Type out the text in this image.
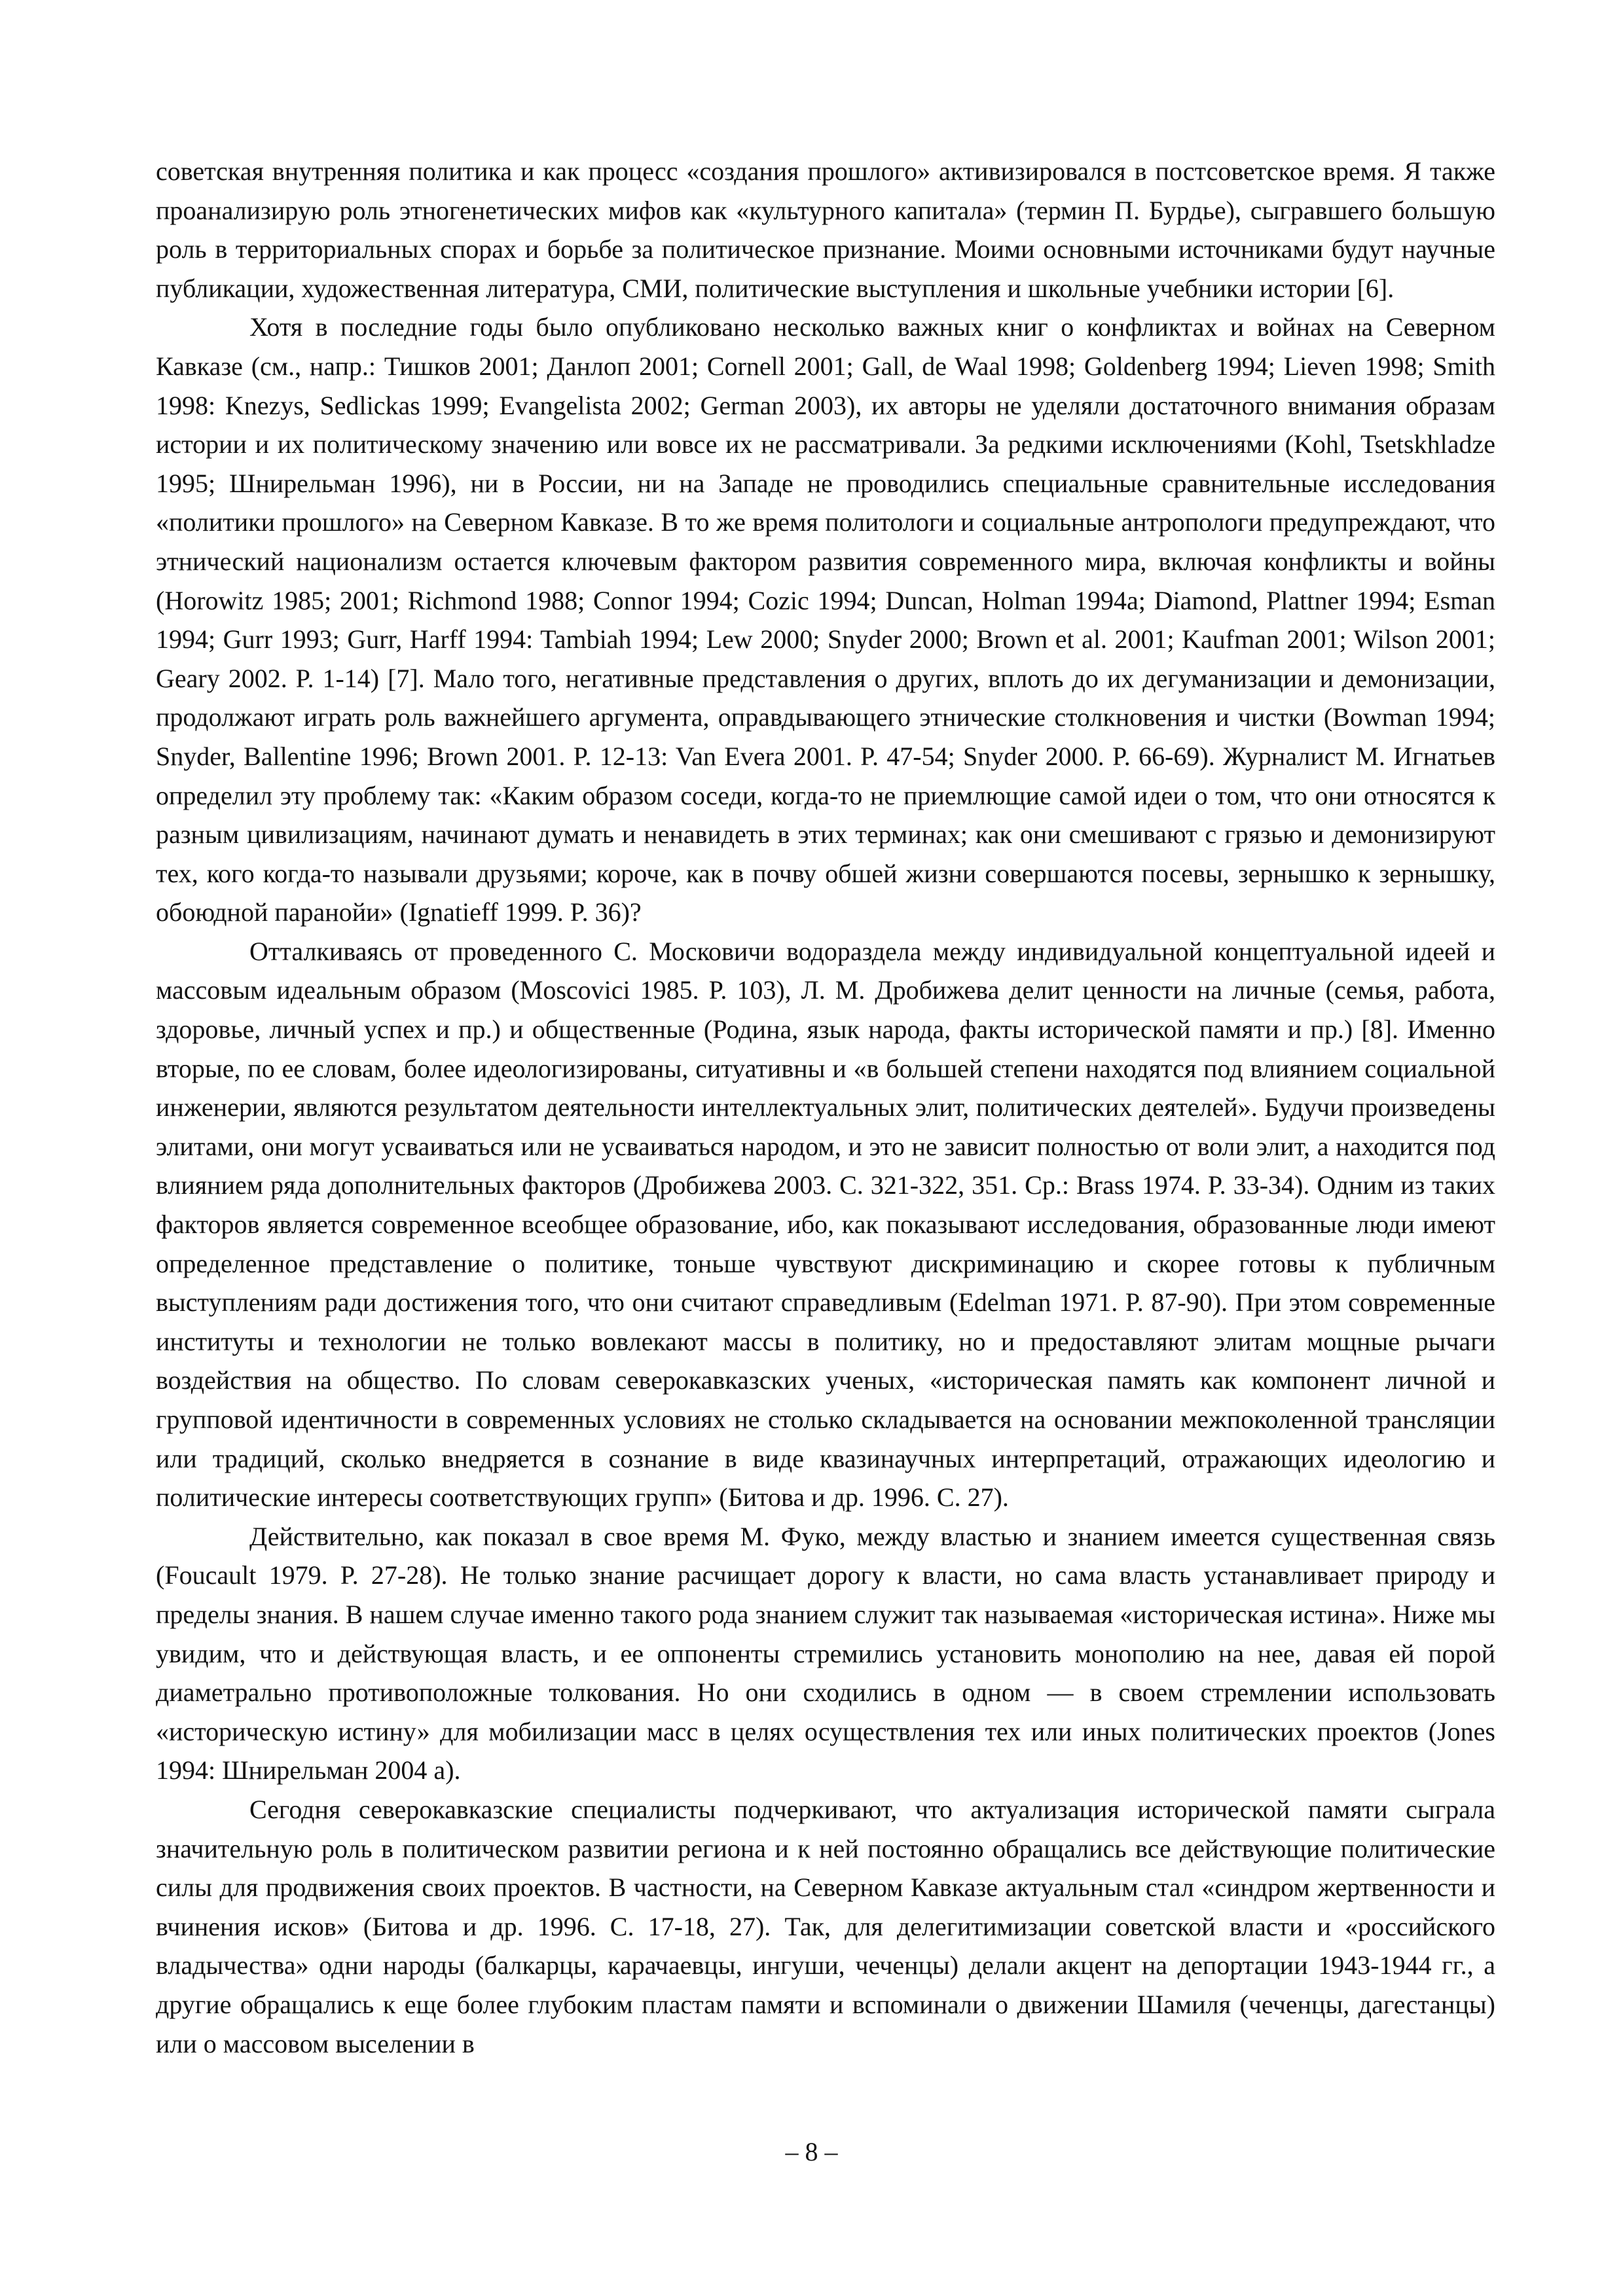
советская внутренняя политика и как процесс «создания прошлого» активизировался в постсоветское время. Я также проанализирую роль этногенетических мифов как «культурного капитала» (термин П. Бурдье), сыгравшего большую роль в территориальных спорах и борьбе за политическое признание. Моими основными источниками будут научные публикации, художественная литература, СМИ, политические выступления и школьные учебники истории [6].

Хотя в последние годы было опубликовано несколько важных книг о конфликтах и войнах на Северном Кавказе (см., напр.: Тишков 2001; Данлоп 2001; Cornell 2001; Gall, de Waal 1998; Goldenberg 1994; Lieven 1998; Smith 1998: Knezys, Sedlickas 1999; Evangelista 2002; German 2003), их авторы не уделяли достаточного внимания образам истории и их политическому значению или вовсе их не рассматривали. За редкими исключениями (Kohl, Tsetskhladze 1995; Шнирельман 1996), ни в России, ни на Западе не проводились специальные сравнительные исследования «политики прошлого» на Северном Кавказе. В то же время политологи и социальные антропологи предупреждают, что этнический национализм остается ключевым фактором развития современного мира, включая конфликты и войны (Horowitz 1985; 2001; Richmond 1988; Connor 1994; Cozic 1994; Duncan, Holman 1994a; Diamond, Plattner 1994; Esman 1994; Gurr 1993; Gurr, Harff 1994: Tambiah 1994; Lew 2000; Snyder 2000; Brown et al. 2001; Kaufman 2001; Wilson 2001; Geary 2002. P. 1-14) [7]. Мало того, негативные представления о других, вплоть до их дегуманизации и демонизации, продолжают играть роль важнейшего аргумента, оправдывающего этнические столкновения и чистки (Bowman 1994; Snyder, Ballentine 1996; Brown 2001. P. 12-13: Van Evera 2001. P. 47-54; Snyder 2000. P. 66-69). Журналист М. Игнатьев определил эту проблему так: «Каким образом соседи, когда-то не приемлющие самой идеи о том, что они относятся к разным цивилизациям, начинают думать и ненавидеть в этих терминах; как они смешивают с грязью и демонизируют тех, кого когда-то называли друзьями; короче, как в почву обшей жизни совершаются посевы, зернышко к зернышку, обоюдной паранойи» (Ignatieff 1999. P. 36)?

Отталкиваясь от проведенного С. Московичи водораздела между индивидуальной концептуальной идеей и массовым идеальным образом (Moscovici 1985. P. 103), Л. М. Дробижева делит ценности на личные (семья, работа, здоровье, личный успех и пр.) и общественные (Родина, язык народа, факты исторической памяти и пр.) [8]. Именно вторые, по ее словам, более идеологизированы, ситуативны и «в большей степени находятся под влиянием социальной инженерии, являются результатом деятельности интеллектуальных элит, политических деятелей». Будучи произведены элитами, они могут усваиваться или не усваиваться народом, и это не зависит полностью от воли элит, а находится под влиянием ряда дополнительных факторов (Дробижева 2003. С. 321-322, 351. Ср.: Brass 1974. P. 33-34). Одним из таких факторов является современное всеобщее образование, ибо, как показывают исследования, образованные люди имеют определенное представление о политике, тоньше чувствуют дискриминацию и скорее готовы к публичным выступлениям ради достижения того, что они считают справедливым (Edelman 1971. P. 87-90). При этом современные институты и технологии не только вовлекают массы в политику, но и предоставляют элитам мощные рычаги воздействия на общество. По словам северокавказских ученых, «историческая память как компонент личной и групповой идентичности в современных условиях не столько складывается на основании межпоколенной трансляции или традиций, сколько внедряется в сознание в виде квазинаучных интерпретаций, отражающих идеологию и политические интересы соответствующих групп» (Битова и др. 1996. С. 27).

Действительно, как показал в свое время М. Фуко, между властью и знанием имеется существенная связь (Foucault 1979. P. 27-28). Не только знание расчищает дорогу к власти, но сама власть устанавливает природу и пределы знания. В нашем случае именно такого рода знанием служит так называемая «историческая истина». Ниже мы увидим, что и действующая власть, и ее оппоненты стремились установить монополию на нее, давая ей порой диаметрально противоположные толкования. Но они сходились в одном — в своем стремлении использовать «историческую истину» для мобилизации масс в целях осуществления тех или иных политических проектов (Jones 1994: Шнирельман 2004 а).

Сегодня северокавказские специалисты подчеркивают, что актуализация исторической памяти сыграла значительную роль в политическом развитии региона и к ней постоянно обращались все действующие политические силы для продвижения своих проектов. В частности, на Северном Кавказе актуальным стал «синдром жертвенности и вчинения исков» (Битова и др. 1996. С. 17-18, 27). Так, для делегитимизации советской власти и «российского владычества» одни народы (балкарцы, карачаевцы, ингуши, чеченцы) делали акцент на депортации 1943-1944 гг., а другие обращались к еще более глубоким пластам памяти и вспоминали о движении Шамиля (чеченцы, дагестанцы) или о массовом выселении в

– 8 –
